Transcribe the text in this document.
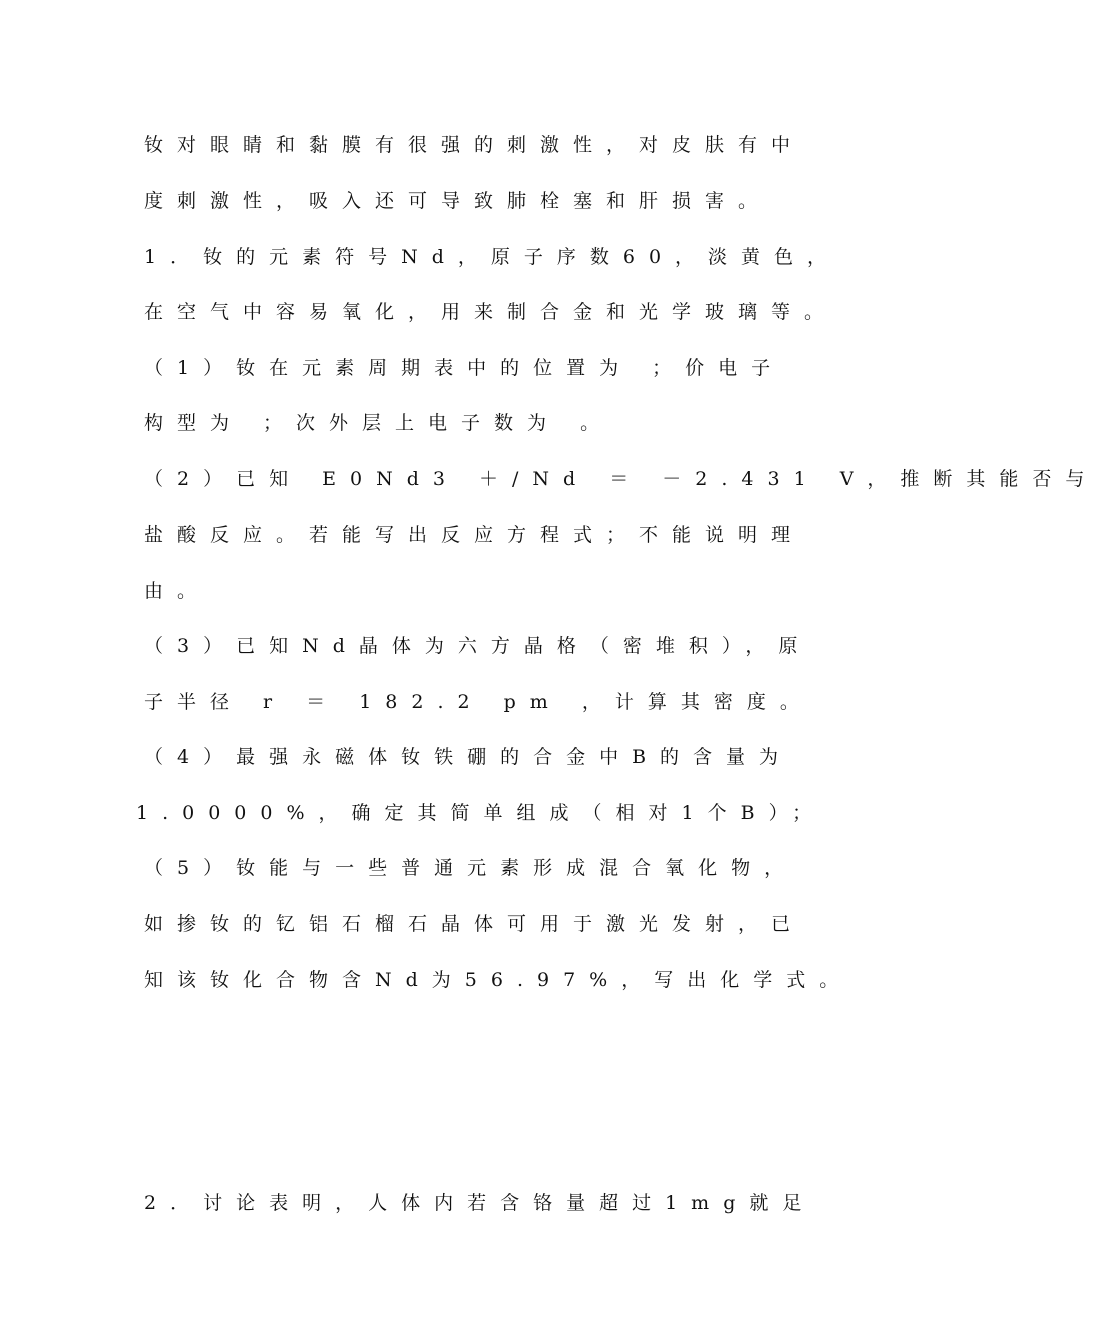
钕对眼睛和黏膜有很强的刺激性，对皮肤有中
度刺激性，吸入还可导致肺栓塞和肝损害。
1．钕的元素符号Nd，原子序数60，淡黄色，
在空气中容易氧化，用来制合金和光学玻璃等。
（1）钕在元素周期表中的位置为 ；价电子
构型为 ；次外层上电子数为 。
（2）已知 E0Nd3 ＋/Nd ＝ －2.431 V，推断其能否与
盐酸反应。若能写出反应方程式；不能说明理
由。
（3）已知Nd晶体为六方晶格（密堆积），原
子半径 r ＝ 182.2 pm ，计算其密度。
（4）最强永磁体钕铁硼的合金中B的含量为
1.0000%，确定其简单组成（相对1个B）；
（5）钕能与一些普通元素形成混合氧化物，
如掺钕的钇铝石榴石晶体可用于激光发射，已
知该钕化合物含Nd为56.97%，写出化学式。
2．讨论表明，人体内若含铬量超过1mg就足
